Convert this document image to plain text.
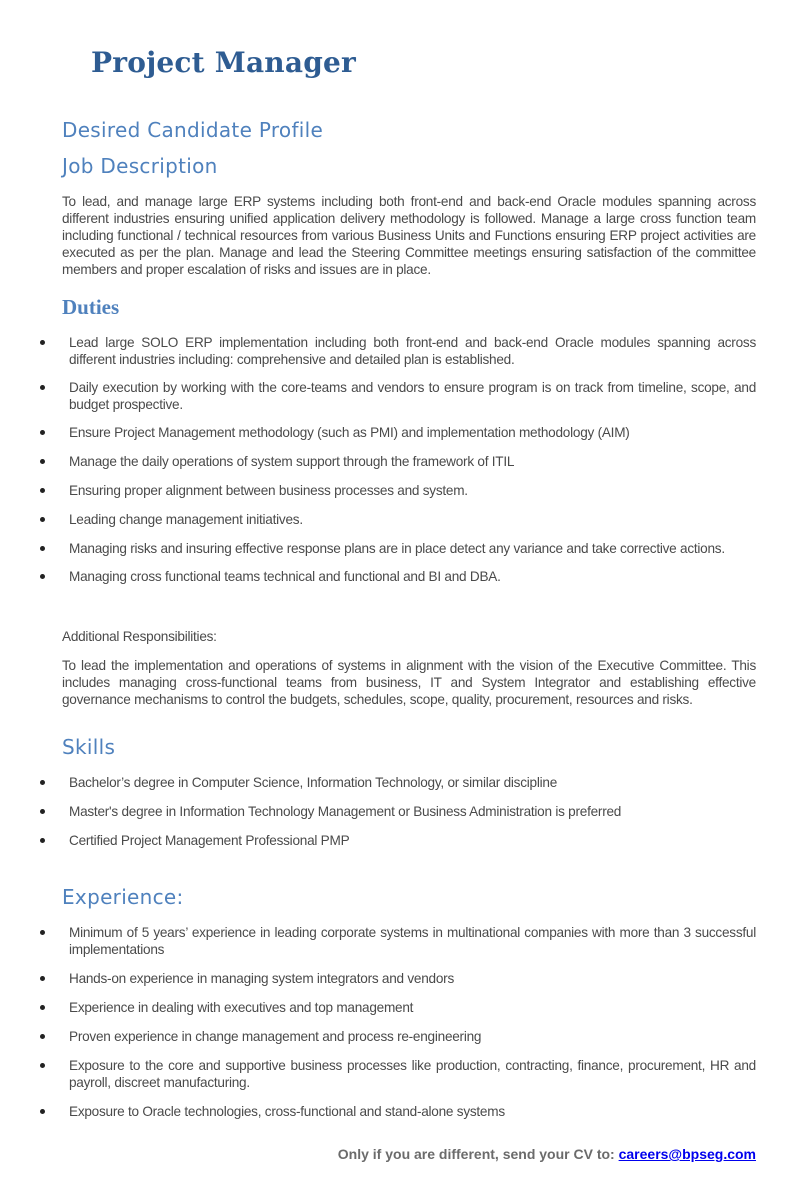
Project Manager
Desired Candidate Profile
Job Description

To lead, and manage large ERP systems including both front-end and back-end Oracle modules spanning across different industries ensuring unified application delivery methodology is followed. Manage a large cross function team including functional / technical resources from various Business Units and Functions ensuring ERP project activities are executed as per the plan. Manage and lead the Steering Committee meetings ensuring satisfaction of the committee members and proper escalation of risks and issues are in place.

Duties
Lead large SOLO ERP implementation including both front-end and back-end Oracle modules spanning across different industries including: comprehensive and detailed plan is established.
Daily execution by working with the core-teams and vendors to ensure program is on track from timeline, scope, and budget prospective.
Ensure Project Management methodology (such as PMI) and implementation methodology (AIM)
Manage the daily operations of system support through the framework of ITIL
Ensuring proper alignment between business processes and system.
Leading change management initiatives.
Managing risks and insuring effective response plans are in place detect any variance and take corrective actions.
Managing cross functional teams technical and functional and BI and DBA.

Additional Responsibilities:

To lead the implementation and operations of systems in alignment with the vision of the Executive Committee. This includes managing cross-functional teams from business, IT and System Integrator and establishing effective governance mechanisms to control the budgets, schedules, scope, quality, procurement, resources and risks.

Skills
Bachelor’s degree in Computer Science, Information Technology, or similar discipline
Master's degree in Information Technology Management or Business Administration is preferred
Certified Project Management Professional PMP
Experience:
Minimum of 5 years’ experience in leading corporate systems in multinational companies with more than 3 successful implementations
Hands-on experience in managing system integrators and vendors
Experience in dealing with executives and top management
Proven experience in change management and process re-engineering
Exposure to the core and supportive business processes like production, contracting, finance, procurement, HR and payroll, discreet manufacturing.
Exposure to Oracle technologies, cross-functional and stand-alone systems

Only if you are different, send your CV to: careers@bpseg.com
